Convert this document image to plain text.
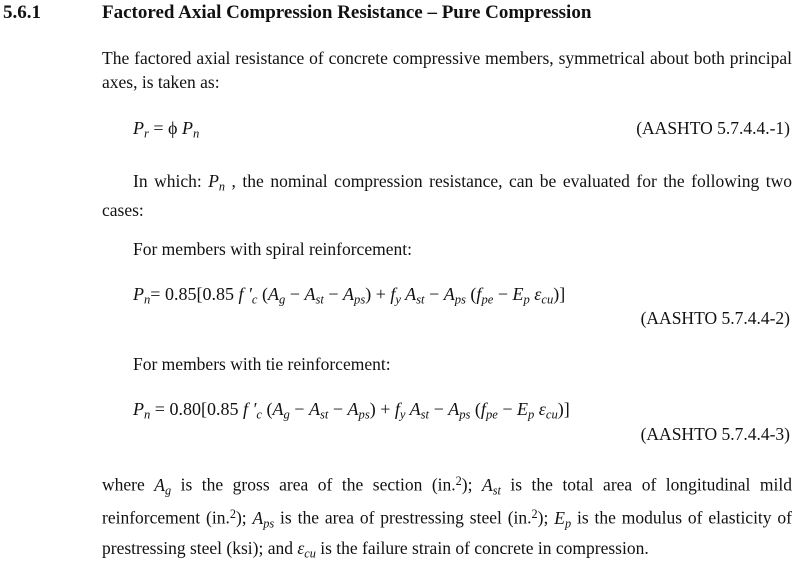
5.6.1	Factored Axial Compression Resistance – Pure Compression
The factored axial resistance of concrete compressive members, symmetrical about both principal axes, is taken as:
$P_r = \phi$ $P_n$	(AASHTO 5.7.4.4.-1)
In which: $P_n$ , the nominal compression resistance, can be evaluated for the following two cases:
For members with spiral reinforcement:
$P_n= 0.85[0.85$ f $'_c$ $(A_g - A_{st} - A_{ps}) + f_y$ $A_{st} - A_{ps}$ ($f_{pe} - E_p$ $\varepsilon_{cu}$)]
(AASHTO 5.7.4.4-2)
For members with tie reinforcement:
$P_n = 0.80[0.85$ f $'_c$ $(A_g - A_{st} - A_{ps}) + f_y$ $A_{st} - A_{ps}$ ($f_{pe} - E_p$ $\varepsilon_{cu}$)]
(AASHTO 5.7.4.4-3)
where $A_g$ is the gross area of the section (in.$^2$); $A_{st}$ is the total area of longitudinal mild reinforcement (in.$^2$); $A_{ps}$ is the area of prestressing steel (in.$^2$); $E_p$ is the modulus of elasticity of prestressing steel (ksi); and $\varepsilon_{cu}$ is the failure strain of concrete in compression.
